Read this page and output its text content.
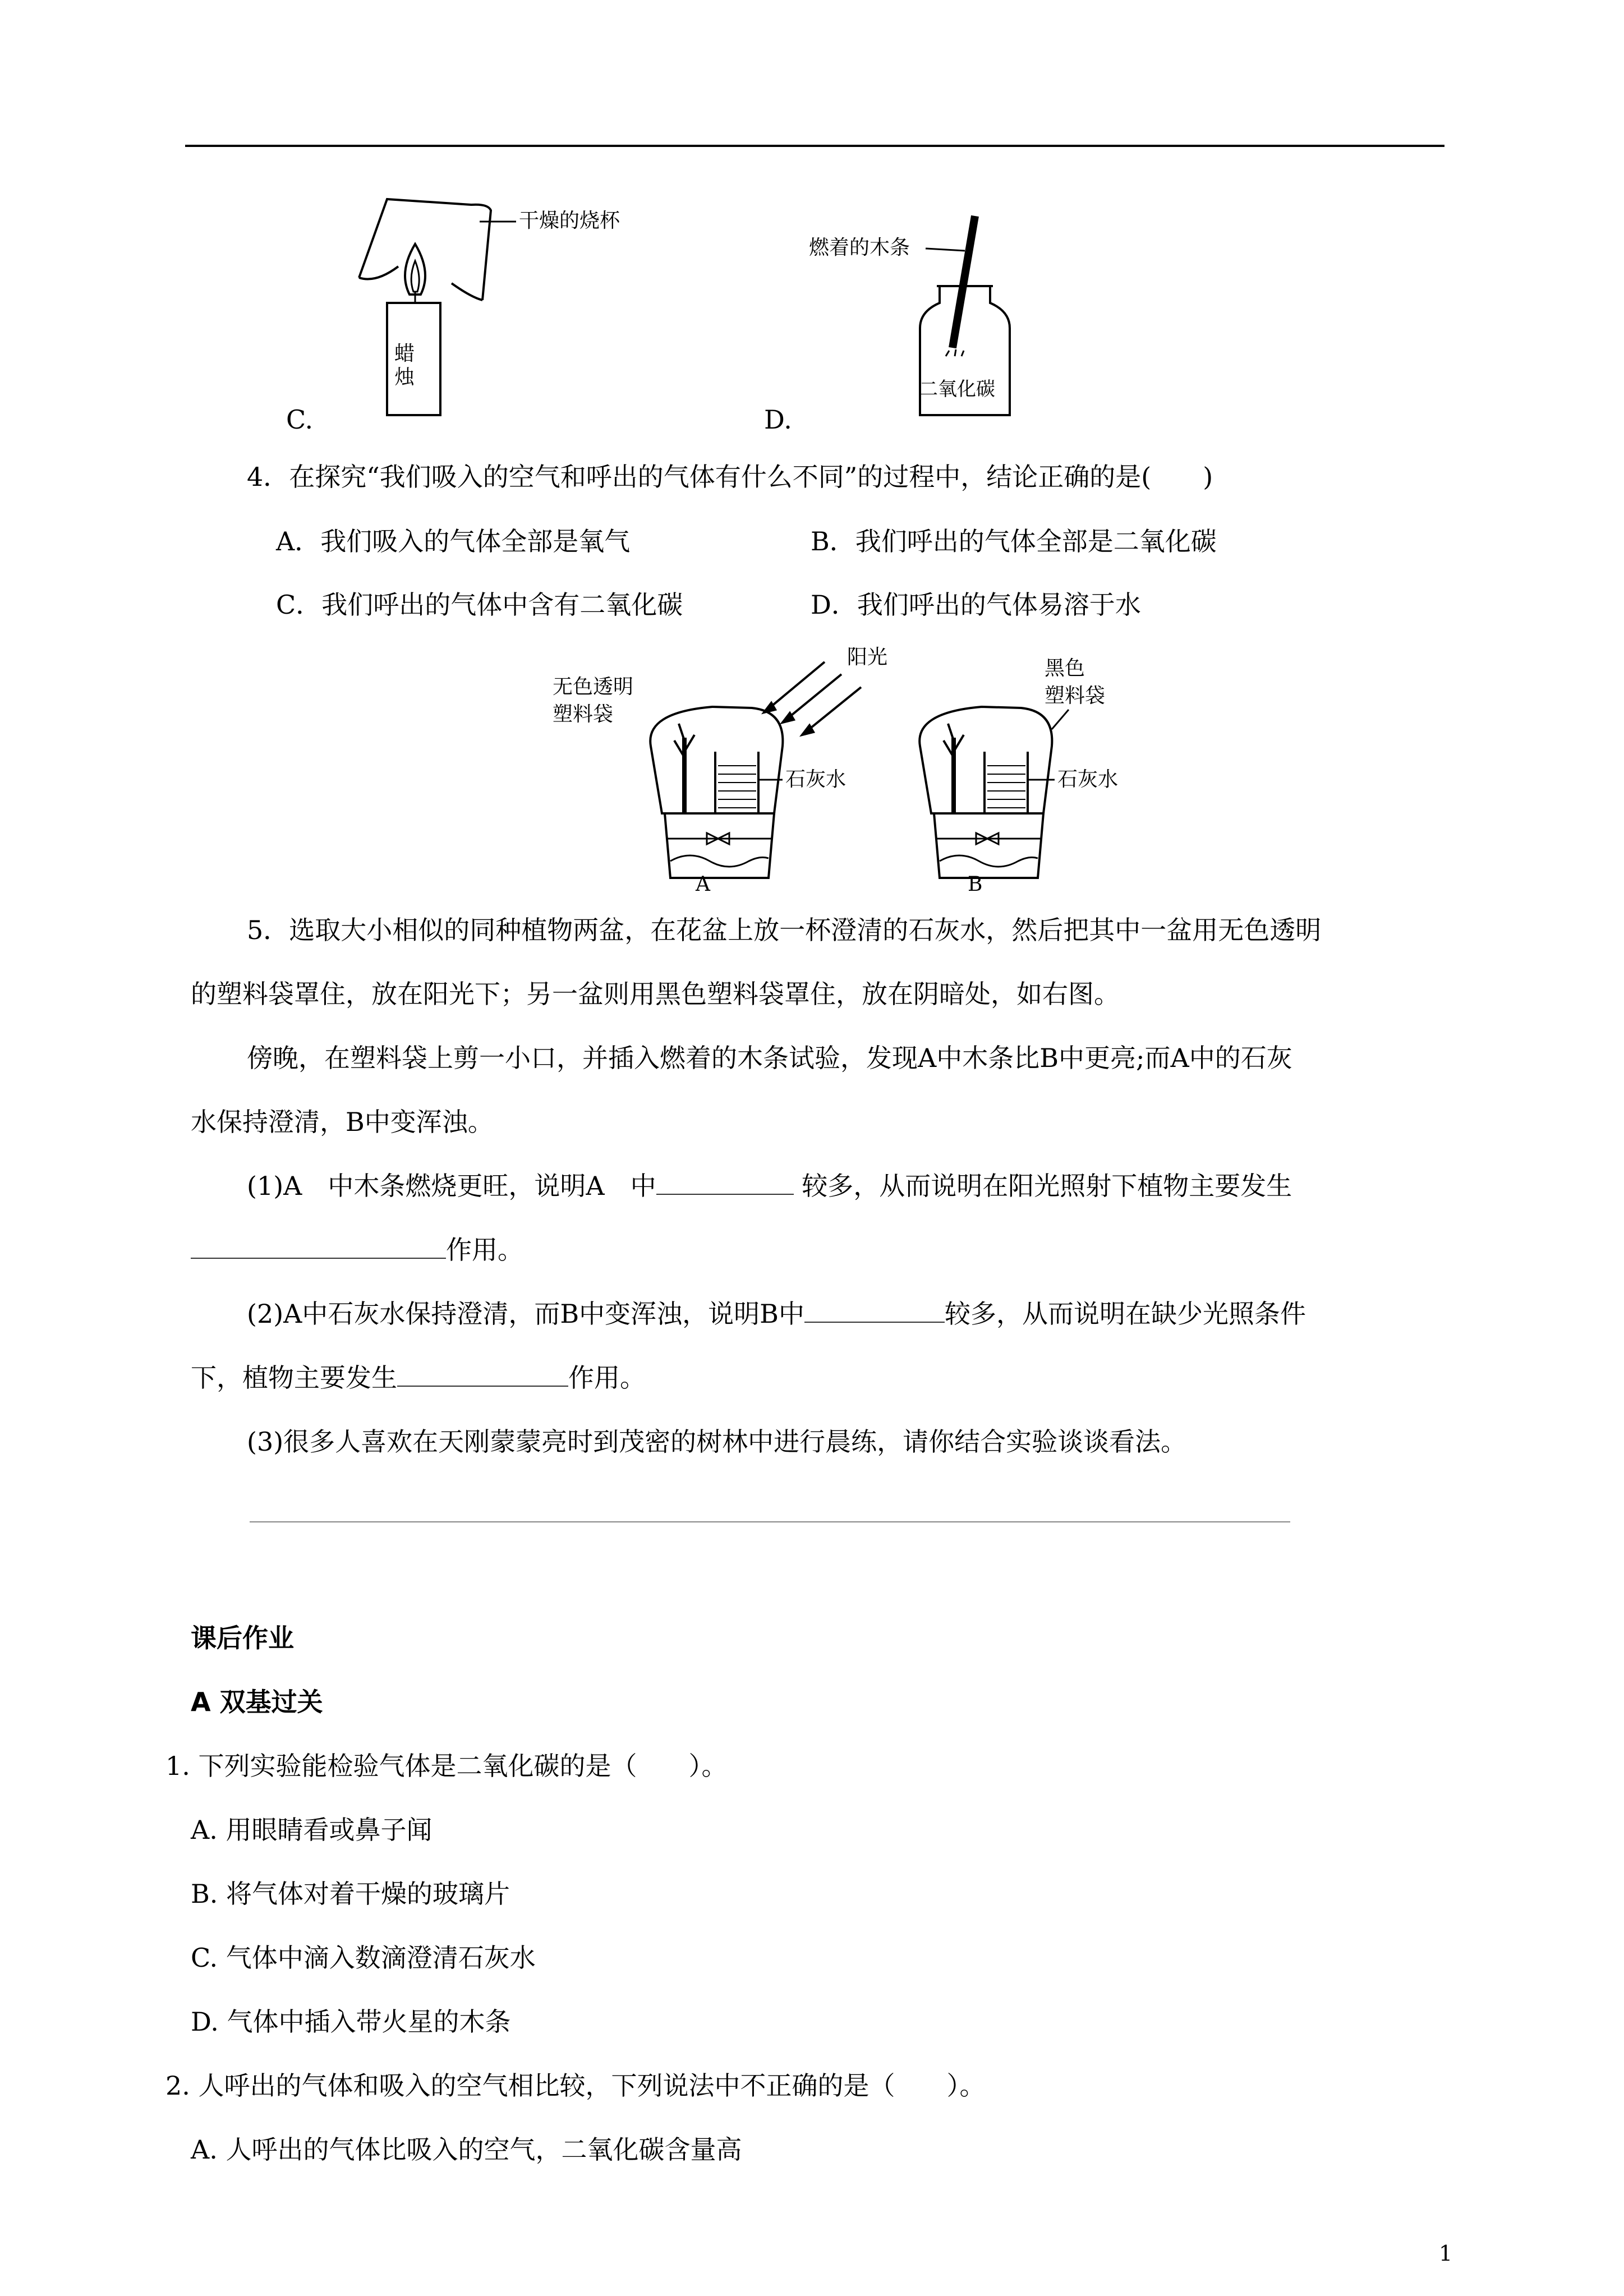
干燥的烧杯
蜡烛
C.
燃着的木条
二氧化碳
D.
4．在探究“我们吸入的空气和呼出的气体有什么不同”的过程中，结论正确的是(　　)
A．我们吸入的气体全部是氧气	B．我们呼出的气体全部是二氧化碳
C．我们呼出的气体中含有二氧化碳	D．我们呼出的气体易溶于水
阳光
无色透明
塑料袋
黑色
塑料袋
石灰水	石灰水
A	B
5．选取大小相似的同种植物两盆，在花盆上放一杯澄清的石灰水，然后把其中一盆用无色透明
的塑料袋罩住，放在阳光下；另一盆则用黑色塑料袋罩住，放在阴暗处，如右图。
傍晚，在塑料袋上剪一小口，并插入燃着的木条试验，发现A中木条比B中更亮;而A中的石灰
水保持澄清，B中变浑浊。
(1)A　中木条燃烧更旺，说明A　中	较多，从而说明在阳光照射下植物主要发生
作用。
(2)A中石灰水保持澄清，而B中变浑浊，说明B中	较多，从而说明在缺少光照条件
下，植物主要发生	作用。
(3)很多人喜欢在天刚蒙蒙亮时到茂密的树林中进行晨练，请你结合实验谈谈看法。
课后作业
A 双基过关
1. 下列实验能检验气体是二氧化碳的是（　　）。
A. 用眼睛看或鼻子闻
B. 将气体对着干燥的玻璃片
C. 气体中滴入数滴澄清石灰水
D. 气体中插入带火星的木条
2. 人呼出的气体和吸入的空气相比较，下列说法中不正确的是（　　）。
A. 人呼出的气体比吸入的空气，二氧化碳含量高
1
